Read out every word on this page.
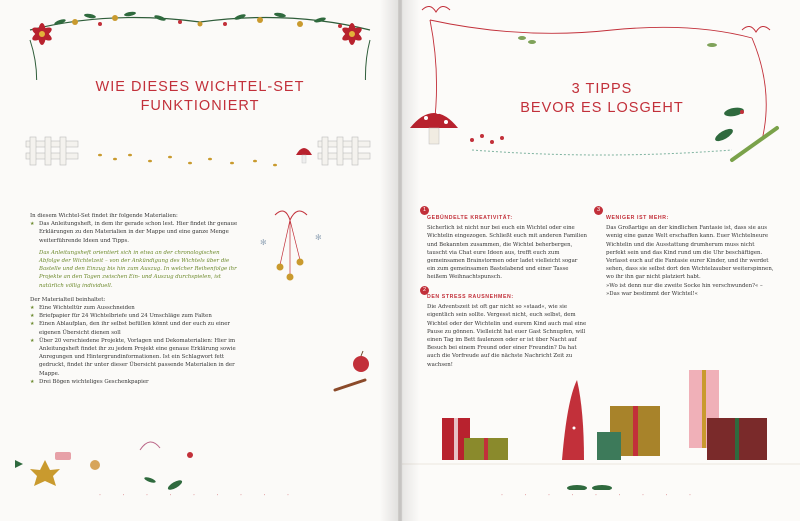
WIE DIESES WICHTEL-SET
FUNKTIONIERT

In diesem Wichtel-Set findet ihr folgende Materialien:

★ Das Anleitungsheft, in dem ihr gerade schon lest. Hier findet ihr genaue Erklärungen zu den Materialien in der Mappe und eine ganze Menge weiterführende Ideen und Tipps.

Das Anleitungsheft orientiert sich in etwa an der chronologischen Abfolge der Wichtelzeit – von der Ankündigung des Wichtels über die Bastelle und den Einzug bis hin zum Auszug. In welcher Reihenfolge ihr Projekte an den Tagen zwischen Ein- und Auszug durchspielen, ist natürlich völlig individuell.

Der Materialteil beinhaltet:

★ Eine Wichteltür zum Ausschneiden

★ Briefpapier für 24 Wichtelbriefe und 24 Umschläge zum Falten

★ Einen Ablaufplan, den ihr selbst befüllen könnt und der euch zu einer eigenen Übersicht dienen soll

★ Über 20 verschiedene Projekte, Vorlagen und Dekomaterialien: Hier im Anleitungsheft findet ihr zu jedem Projekt eine genaue Erklärung sowie Anregungen und Hintergrundinformationen. Ist ein Schlagwort fett gedruckt, findet ihr unter dieser Übersicht passende Materialien in der Mappe.

★ Drei Bögen wichteliges Geschenkpapier

✻
✻
· · · · · · · · ·
3 TIPPS
BEVOR ES LOSGEHT
1
GEBÜNDELTE KREATIVITÄT:

Sicherlich ist nicht nur bei euch ein Wichtel oder eine Wichtelin eingezogen. Schließt euch mit anderen Familien und Bekannten zusammen, die Wichtel beherbergen, tauscht via Chat eure Ideen aus, trefft euch zum gemeinsamen Brainstormen oder ladet vielleicht sogar ein zum gemeinsamen Bastelabend und einer Tasse heißem Weihnachtspunsch.

2
DEN STRESS RAUSNEHMEN:

Die Adventszeit ist oft gar nicht so »staad«, wie sie eigentlich sein sollte. Vergesst nicht, euch selbst, dem Wichtel oder der Wichtelin und eurem Kind auch mal eine Pause zu gönnen. Vielleicht hat euer Gast Schnupfen, will einen Tag im Bett faulenzen oder er ist über Nacht auf Besuch bei einem Freund oder einer Freundin? Da hat auch die Vorfreude auf die nächste Nachricht Zeit zu wachsen!

3
WENIGER IST MEHR:

Das Großartige an der kindlichen Fantasie ist, dass sie aus wenig eine ganze Welt erschaffen kann. Euer Wichtelneure Wichtelin und die Ausstattung drumherum muss nicht perfekt sein und das Kind rund um die Uhr beschäftigen. Verlasst euch auf die Fantasie eurer Kinder, und ihr werdet sehen, dass sie selbst dort den Wichtelzauber weiterspinnen, wo ihr ihn gar nicht platziert habt.

»Wo ist denn nur die zweite Socke hin verschwunden?« – »Das war bestimmt der Wichtel!«

· · · · · · · · ·
